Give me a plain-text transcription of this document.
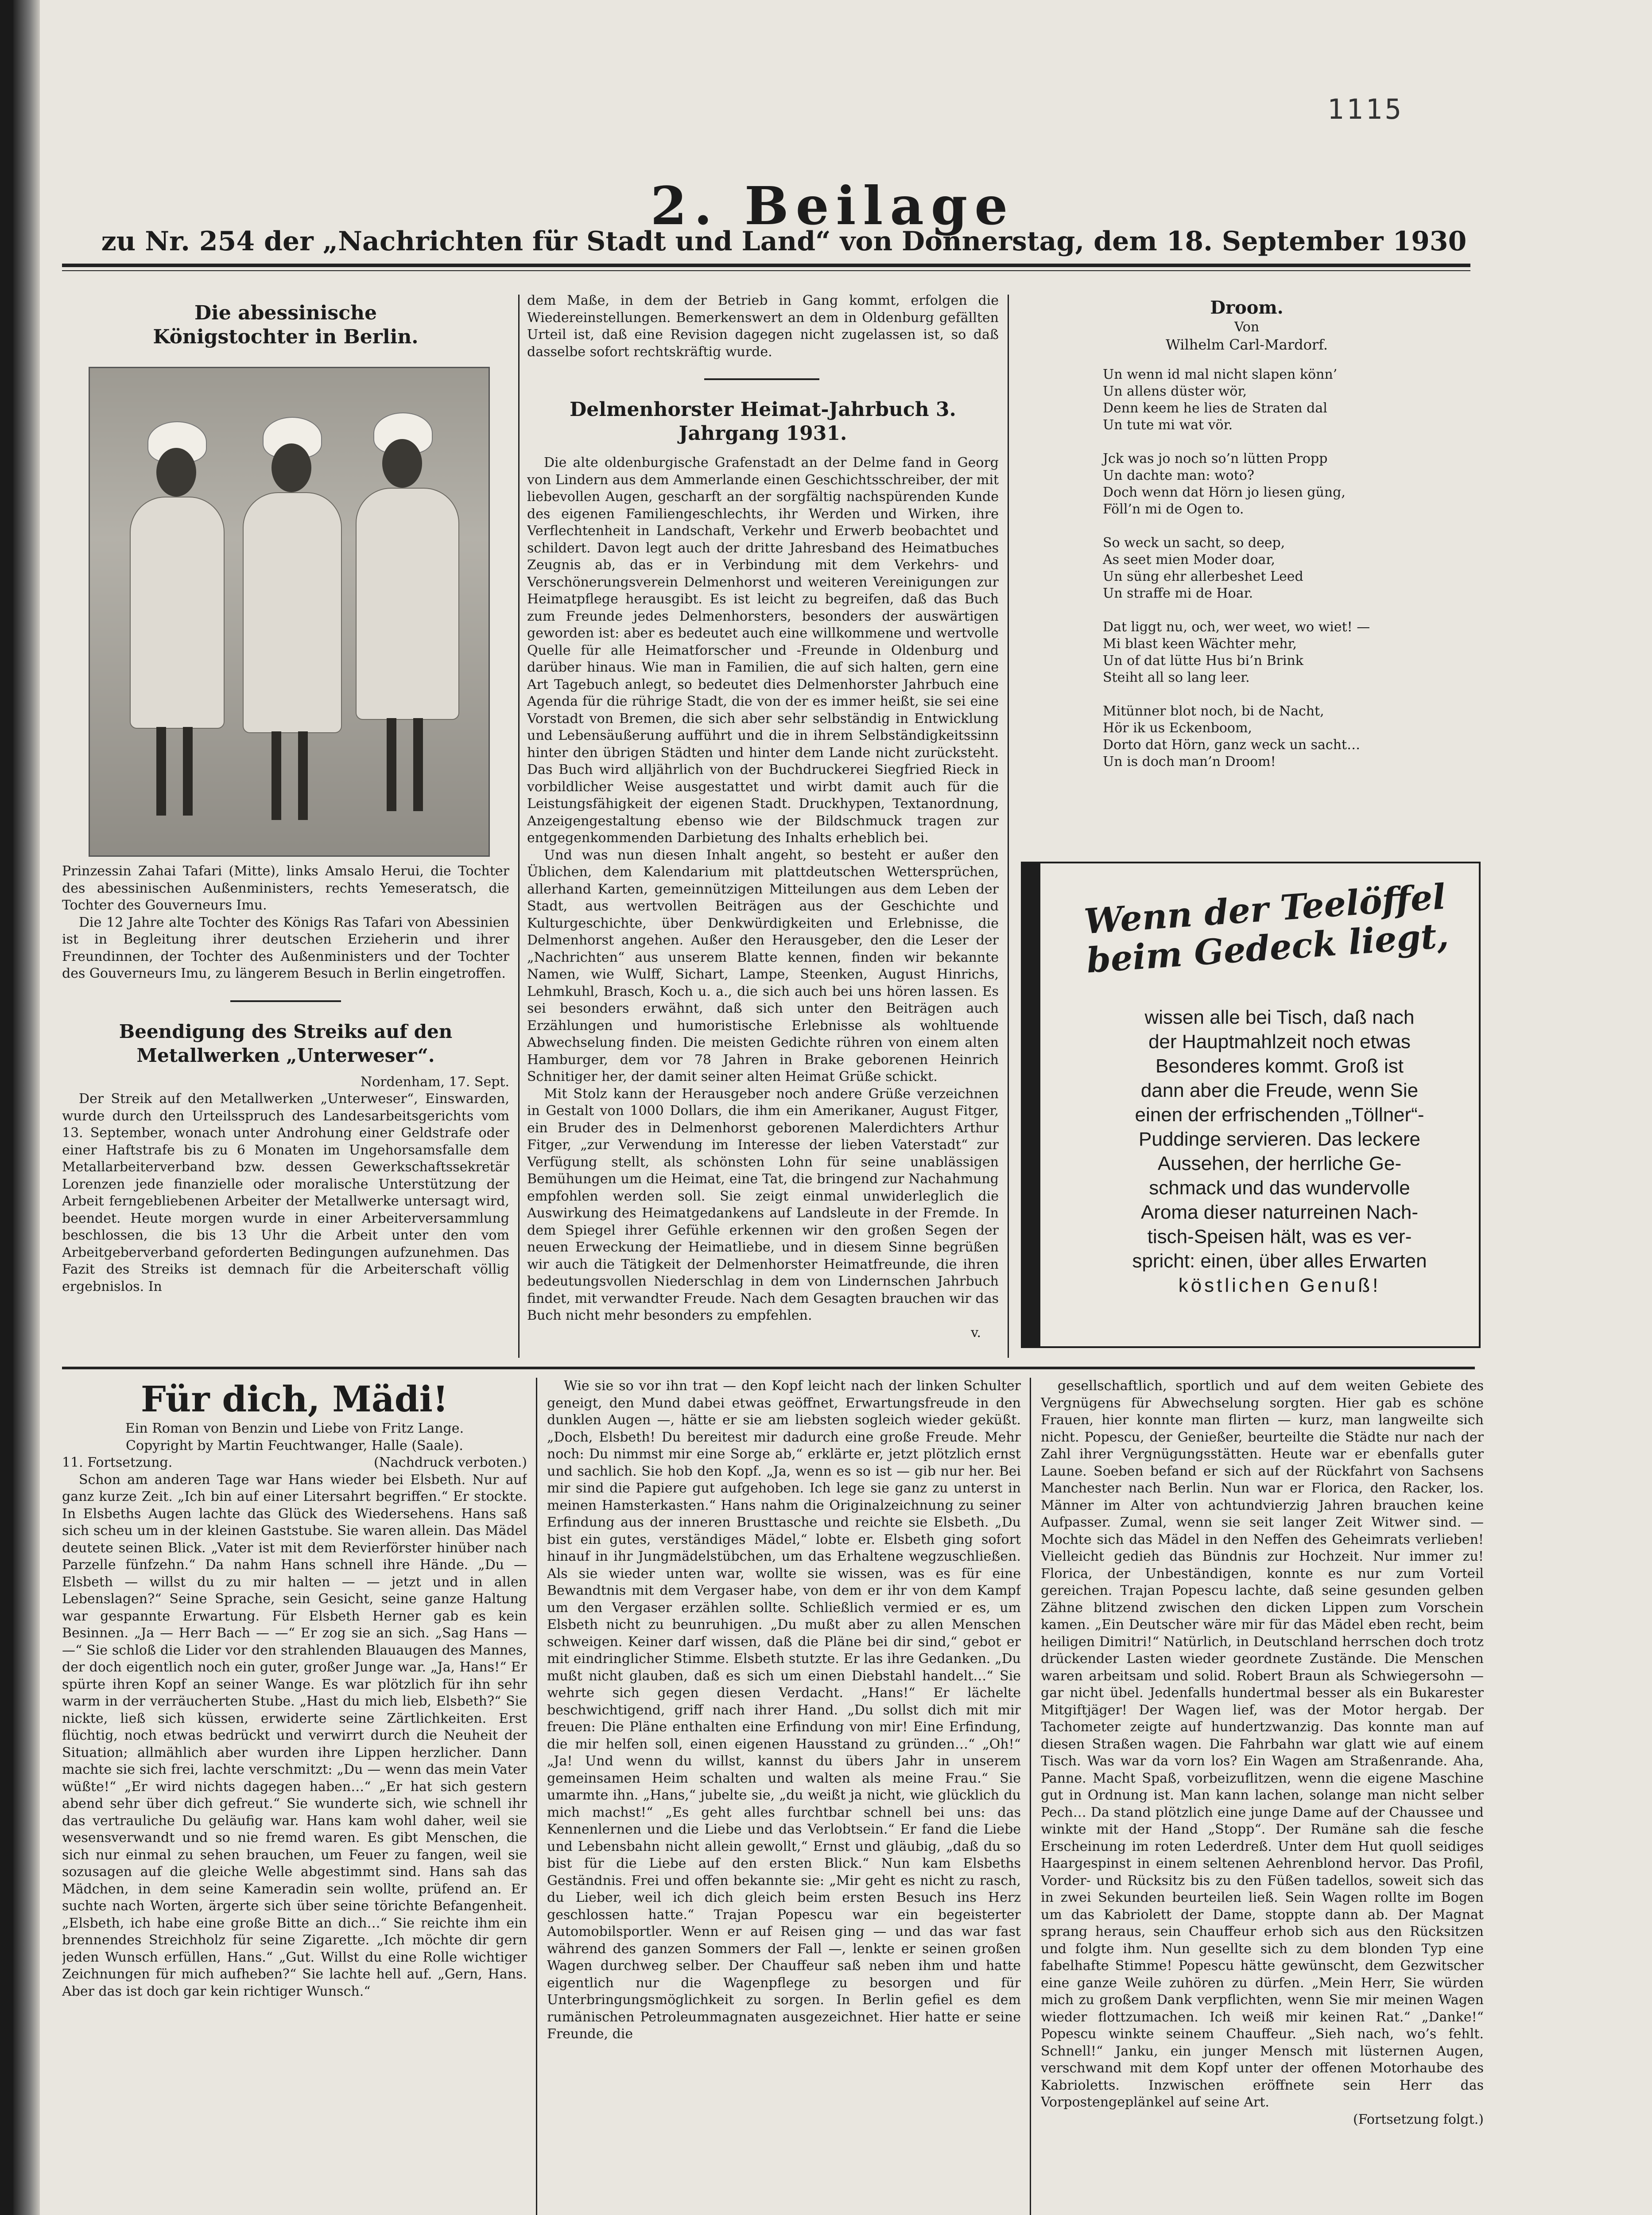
1115
2. Beilage
zu Nr. 254 der „Nachrichten für Stadt und Land“ von Donnerstag, dem 18. September 1930
Die abessinische Königstochter in Berlin.

Prinzessin Zahai Tafari (Mitte), links Amsalo Herui, die Tochter des abessinischen Außenministers, rechts Yemeseratsch, die Tochter des Gouverneurs Imu.

Die 12 Jahre alte Tochter des Königs Ras Tafari von Abessinien ist in Begleitung ihrer deutschen Erzieherin und ihrer Freundinnen, der Tochter des Außenministers und der Tochter des Gouverneurs Imu, zu längerem Besuch in Berlin eingetroffen.

Beendigung des Streiks auf den Metallwerken „Unterweser“.

Nordenham, 17. Sept.

Der Streik auf den Metallwerken „Unterweser“, Einswarden, wurde durch den Urteilsspruch des Landesarbeitsgerichts vom 13. September, wonach unter Androhung einer Geldstrafe oder einer Haftstrafe bis zu 6 Monaten im Ungehorsamsfalle dem Metallarbeiterverband bzw. dessen Gewerkschaftssekretär Lorenzen jede finanzielle oder moralische Unterstützung der Arbeit ferngebliebenen Arbeiter der Metallwerke untersagt wird, beendet. Heute morgen wurde in einer Arbeiterversammlung beschlossen, die bis 13 Uhr die Arbeit unter den vom Arbeitgeberverband geforderten Bedingungen aufzunehmen. Das Fazit des Streiks ist demnach für die Arbeiterschaft völlig ergebnislos. In

dem Maße, in dem der Betrieb in Gang kommt, erfolgen die Wiedereinstellungen. Bemerkenswert an dem in Oldenburg gefällten Urteil ist, daß eine Revision dagegen nicht zugelassen ist, so daß dasselbe sofort rechtskräftig wurde.

Delmenhorster Heimat-Jahrbuch 3. Jahrgang 1931.

Die alte oldenburgische Grafenstadt an der Delme fand in Georg von Lindern aus dem Ammerlande einen Geschichtsschreiber, der mit liebevollen Augen, gescharft an der sorgfältig nachspürenden Kunde des eigenen Familiengeschlechts, ihr Werden und Wirken, ihre Verflechtenheit in Landschaft, Verkehr und Erwerb beobachtet und schildert. Davon legt auch der dritte Jahresband des Heimatbuches Zeugnis ab, das er in Verbindung mit dem Verkehrs- und Verschönerungsverein Delmenhorst und weiteren Vereinigungen zur Heimatpflege herausgibt. Es ist leicht zu begreifen, daß das Buch zum Freunde jedes Delmenhorsters, besonders der auswärtigen geworden ist: aber es bedeutet auch eine willkommene und wertvolle Quelle für alle Heimatforscher und -Freunde in Oldenburg und darüber hinaus. Wie man in Familien, die auf sich halten, gern eine Art Tagebuch anlegt, so bedeutet dies Delmenhorster Jahrbuch eine Agenda für die rührige Stadt, die von der es immer heißt, sie sei eine Vorstadt von Bremen, die sich aber sehr selbständig in Entwicklung und Lebensäußerung aufführt und die in ihrem Selbständigkeitssinn hinter den übrigen Städten und hinter dem Lande nicht zurücksteht. Das Buch wird alljährlich von der Buchdruckerei Siegfried Rieck in vorbildlicher Weise ausgestattet und wirbt damit auch für die Leistungsfähigkeit der eigenen Stadt. Druckhypen, Textanordnung, Anzeigengestaltung ebenso wie der Bildschmuck tragen zur entgegenkommenden Darbietung des Inhalts erheblich bei.

Und was nun diesen Inhalt angeht, so besteht er außer den Üblichen, dem Kalendarium mit plattdeutschen Wettersprüchen, allerhand Karten, gemeinnützigen Mitteilungen aus dem Leben der Stadt, aus wertvollen Beiträgen aus der Geschichte und Kulturgeschichte, über Denkwürdigkeiten und Erlebnisse, die Delmenhorst angehen. Außer den Herausgeber, den die Leser der „Nachrichten“ aus unserem Blatte kennen, finden wir bekannte Namen, wie Wulff, Sichart, Lampe, Steenken, August Hinrichs, Lehmkuhl, Brasch, Koch u. a., die sich auch bei uns hören lassen. Es sei besonders erwähnt, daß sich unter den Beiträgen auch Erzählungen und humoristische Erlebnisse als wohltuende Abwechselung finden. Die meisten Gedichte rühren von einem alten Hamburger, dem vor 78 Jahren in Brake geborenen Heinrich Schnitiger her, der damit seiner alten Heimat Grüße schickt.

Mit Stolz kann der Herausgeber noch andere Grüße verzeichnen in Gestalt von 1000 Dollars, die ihm ein Amerikaner, August Fitger, ein Bruder des in Delmenhorst geborenen Malerdichters Arthur Fitger, „zur Verwendung im Interesse der lieben Vaterstadt“ zur Verfügung stellt, als schönsten Lohn für seine unablässigen Bemühungen um die Heimat, eine Tat, die bringend zur Nachahmung empfohlen werden soll. Sie zeigt einmal unwiderleglich die Auswirkung des Heimatgedankens auf Landsleute in der Fremde. In dem Spiegel ihrer Gefühle erkennen wir den großen Segen der neuen Erweckung der Heimatliebe, und in diesem Sinne begrüßen wir auch die Tätigkeit der Delmenhorster Heimatfreunde, die ihren bedeutungsvollen Niederschlag in dem von Lindernschen Jahrbuch findet, mit verwandter Freude. Nach dem Gesagten brauchen wir das Buch nicht mehr besonders zu empfehlen.

v.

Droom.
Von
Wilhelm Carl-Mardorf.
Un wenn id mal nicht slapen könn’
Un allens düster wör,
Denn keem he lies de Straten dal
Un tute mi wat vör.
Jck was jo noch so’n lütten Propp
Un dachte man: woto?
Doch wenn dat Hörn jo liesen güng,
Föll’n mi de Ogen to.
So weck un sacht, so deep,
As seet mien Moder doar,
Un süng ehr allerbeshet Leed
Un straffe mi de Hoar.
Dat liggt nu, och, wer weet, wo wiet! —
Mi blast keen Wächter mehr,
Un of dat lütte Hus bi’n Brink
Steiht all so lang leer.
Mitünner blot noch, bi de Nacht,
Hör ik us Eckenboom,
Dorto dat Hörn, ganz weck un sacht…
Un is doch man’n Droom!
Wenn der Teelöffel beim Gedeck liegt,
wissen alle bei Tisch, daß nach
der Hauptmahlzeit noch etwas
Besonderes kommt. Groß ist
dann aber die Freude, wenn Sie
einen der erfrischenden „Töllner“-
Puddinge servieren. Das leckere
Aussehen, der herrliche Ge-
schmack und das wundervolle
Aroma dieser naturreinen Nach-
tisch-Speisen hält, was es ver-
spricht: einen, über alles Erwarten
köstlichen Genuß!
Für dich, Mädi!

Ein Roman von Benzin und Liebe von Fritz Lange.

Copyright by Martin Feuchtwanger, Halle (Saale).

11. Fortsetzung.	(Nachdruck verboten.)

Schon am anderen Tage war Hans wieder bei Elsbeth. Nur auf ganz kurze Zeit. „Ich bin auf einer Litersahrt begriffen.“ Er stockte. In Elsbeths Augen lachte das Glück des Wiedersehens. Hans saß sich scheu um in der kleinen Gaststube. Sie waren allein. Das Mädel deutete seinen Blick. „Vater ist mit dem Revierförster hinüber nach Parzelle fünfzehn.“ Da nahm Hans schnell ihre Hände. „Du — Elsbeth — willst du zu mir halten — — jetzt und in allen Lebenslagen?“ Seine Sprache, sein Gesicht, seine ganze Haltung war gespannte Erwartung. Für Elsbeth Herner gab es kein Besinnen. „Ja — Herr Bach — —“ Er zog sie an sich. „Sag Hans — —“ Sie schloß die Lider vor den strahlenden Blauaugen des Mannes, der doch eigentlich noch ein guter, großer Junge war. „Ja, Hans!“ Er spürte ihren Kopf an seiner Wange. Es war plötzlich für ihn sehr warm in der verräucherten Stube. „Hast du mich lieb, Elsbeth?“ Sie nickte, ließ sich küssen, erwiderte seine Zärtlichkeiten. Erst flüchtig, noch etwas bedrückt und verwirrt durch die Neuheit der Situation; allmählich aber wurden ihre Lippen herzlicher. Dann machte sie sich frei, lachte verschmitzt: „Du — wenn das mein Vater wüßte!“ „Er wird nichts dagegen haben…“ „Er hat sich gestern abend sehr über dich gefreut.“ Sie wunderte sich, wie schnell ihr das vertrauliche Du geläufig war. Hans kam wohl daher, weil sie wesensverwandt und so nie fremd waren. Es gibt Menschen, die sich nur einmal zu sehen brauchen, um Feuer zu fangen, weil sie sozusagen auf die gleiche Welle abgestimmt sind. Hans sah das Mädchen, in dem seine Kameradin sein wollte, prüfend an. Er suchte nach Worten, ärgerte sich über seine törichte Befangenheit. „Elsbeth, ich habe eine große Bitte an dich…“ Sie reichte ihm ein brennendes Streichholz für seine Zigarette. „Ich möchte dir gern jeden Wunsch erfüllen, Hans.“ „Gut. Willst du eine Rolle wichtiger Zeichnungen für mich aufheben?“ Sie lachte hell auf. „Gern, Hans. Aber das ist doch gar kein richtiger Wunsch.“

Wie sie so vor ihn trat — den Kopf leicht nach der linken Schulter geneigt, den Mund dabei etwas geöffnet, Erwartungsfreude in den dunklen Augen —, hätte er sie am liebsten sogleich wieder geküßt. „Doch, Elsbeth! Du bereitest mir dadurch eine große Freude. Mehr noch: Du nimmst mir eine Sorge ab,“ erklärte er, jetzt plötzlich ernst und sachlich. Sie hob den Kopf. „Ja, wenn es so ist — gib nur her. Bei mir sind die Papiere gut aufgehoben. Ich lege sie ganz zu unterst in meinen Hamsterkasten.“ Hans nahm die Originalzeichnung zu seiner Erfindung aus der inneren Brusttasche und reichte sie Elsbeth. „Du bist ein gutes, verständiges Mädel,“ lobte er. Elsbeth ging sofort hinauf in ihr Jungmädelstübchen, um das Erhaltene wegzuschließen. Als sie wieder unten war, wollte sie wissen, was es für eine Bewandtnis mit dem Vergaser habe, von dem er ihr von dem Kampf um den Vergaser erzählen sollte. Schließlich vermied er es, um Elsbeth nicht zu beunruhigen. „Du mußt aber zu allen Menschen schweigen. Keiner darf wissen, daß die Pläne bei dir sind,“ gebot er mit eindringlicher Stimme. Elsbeth stutzte. Er las ihre Gedanken. „Du mußt nicht glauben, daß es sich um einen Diebstahl handelt…“ Sie wehrte sich gegen diesen Verdacht. „Hans!“ Er lächelte beschwichtigend, griff nach ihrer Hand. „Du sollst dich mit mir freuen: Die Pläne enthalten eine Erfindung von mir! Eine Erfindung, die mir helfen soll, einen eigenen Hausstand zu gründen…“ „Oh!“ „Ja! Und wenn du willst, kannst du übers Jahr in unserem gemeinsamen Heim schalten und walten als meine Frau.“ Sie umarmte ihn. „Hans,“ jubelte sie, „du weißt ja nicht, wie glücklich du mich machst!“ „Es geht alles furchtbar schnell bei uns: das Kennenlernen und die Liebe und das Verlobtsein.“ Er fand die Liebe und Lebensbahn nicht allein gewollt,“ Ernst und gläubig, „daß du so bist für die Liebe auf den ersten Blick.“ Nun kam Elsbeths Geständnis. Frei und offen bekannte sie: „Mir geht es nicht zu rasch, du Lieber, weil ich dich gleich beim ersten Besuch ins Herz geschlossen hatte.“ Trajan Popescu war ein begeisterter Automobilsportler. Wenn er auf Reisen ging — und das war fast während des ganzen Sommers der Fall —, lenkte er seinen großen Wagen durchweg selber. Der Chauffeur saß neben ihm und hatte eigentlich nur die Wagenpflege zu besorgen und für Unterbringungsmöglichkeit zu sorgen. In Berlin gefiel es dem rumänischen Petroleummagnaten ausgezeichnet. Hier hatte er seine Freunde, die

gesellschaftlich, sportlich und auf dem weiten Gebiete des Vergnügens für Abwechselung sorgten. Hier gab es schöne Frauen, hier konnte man flirten — kurz, man langweilte sich nicht. Popescu, der Genießer, beurteilte die Städte nur nach der Zahl ihrer Vergnügungsstätten. Heute war er ebenfalls guter Laune. Soeben befand er sich auf der Rückfahrt von Sachsens Manchester nach Berlin. Nun war er Florica, den Racker, los. Männer im Alter von achtundvierzig Jahren brauchen keine Aufpasser. Zumal, wenn sie seit langer Zeit Witwer sind. — Mochte sich das Mädel in den Neffen des Geheimrats verlieben! Vielleicht gedieh das Bündnis zur Hochzeit. Nur immer zu! Florica, der Unbeständigen, konnte es nur zum Vorteil gereichen. Trajan Popescu lachte, daß seine gesunden gelben Zähne blitzend zwischen den dicken Lippen zum Vorschein kamen. „Ein Deutscher wäre mir für das Mädel eben recht, beim heiligen Dimitri!“ Natürlich, in Deutschland herrschen doch trotz drückender Lasten wieder geordnete Zustände. Die Menschen waren arbeitsam und solid. Robert Braun als Schwiegersohn — gar nicht übel. Jedenfalls hundertmal besser als ein Bukarester Mitgiftjäger! Der Wagen lief, was der Motor hergab. Der Tachometer zeigte auf hundertzwanzig. Das konnte man auf diesen Straßen wagen. Die Fahrbahn war glatt wie auf einem Tisch. Was war da vorn los? Ein Wagen am Straßenrande. Aha, Panne. Macht Spaß, vorbeizuflitzen, wenn die eigene Maschine gut in Ordnung ist. Man kann lachen, solange man nicht selber Pech… Da stand plötzlich eine junge Dame auf der Chaussee und winkte mit der Hand „Stopp“. Der Rumäne sah die fesche Erscheinung im roten Lederdreß. Unter dem Hut quoll seidiges Haargespinst in einem seltenen Aehrenblond hervor. Das Profil, Vorder- und Rücksitz bis zu den Füßen tadellos, soweit sich das in zwei Sekunden beurteilen ließ. Sein Wagen rollte im Bogen um das Kabriolett der Dame, stoppte dann ab. Der Magnat sprang heraus, sein Chauffeur erhob sich aus den Rücksitzen und folgte ihm. Nun gesellte sich zu dem blonden Typ eine fabelhafte Stimme! Popescu hätte gewünscht, dem Gezwitscher eine ganze Weile zuhören zu dürfen. „Mein Herr, Sie würden mich zu großem Dank verpflichten, wenn Sie mir meinen Wagen wieder flottzumachen. Ich weiß mir keinen Rat.“ „Danke!“ Popescu winkte seinem Chauffeur. „Sieh nach, wo’s fehlt. Schnell!“ Janku, ein junger Mensch mit lüsternen Augen, verschwand mit dem Kopf unter der offenen Motorhaube des Kabrioletts. Inzwischen eröffnete sein Herr das Vorpostengeplänkel auf seine Art.

(Fortsetzung folgt.)
